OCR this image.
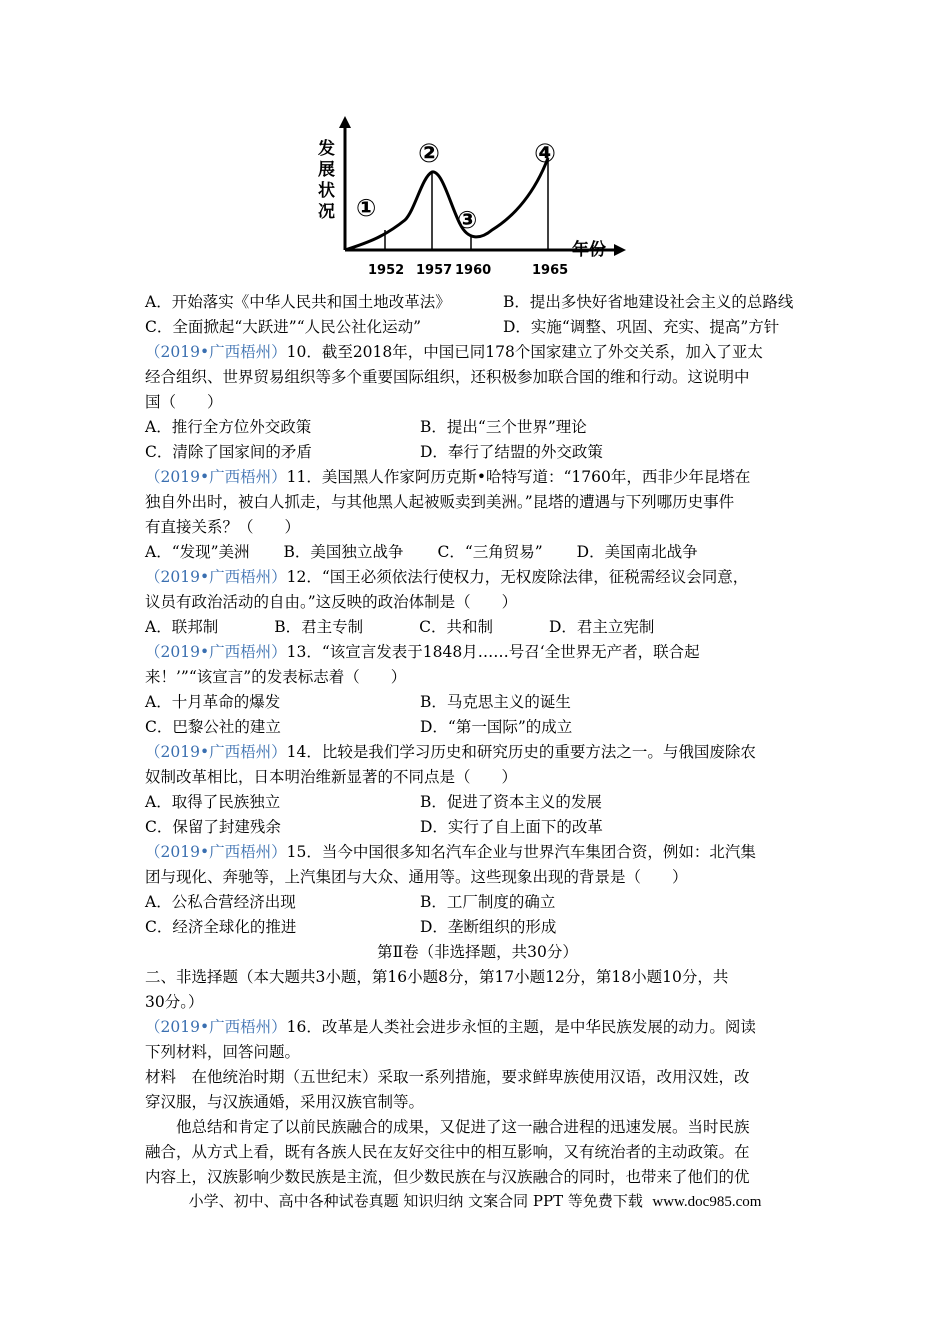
发
展
状
况
年份
①
②
③
④
1952 1957 1960	1965
A．开始落实《中华人民共和国土地改革法》	B．提出多快好省地建设社会主义的总路线
C．全面掀起“大跃进”“人民公社化运动”	D．实施“调整、巩固、充实、提高”方针
（2019•广西梧州）10．截至2018年，中国已同178个国家建立了外交关系，加入了亚太
经合组织、世界贸易组织等多个重要国际组织，还积极参加联合国的维和行动。这说明中
国（　　）
A．推行全方位外交政策	B．提出“三个世界”理论
C．清除了国家间的矛盾	D．奉行了结盟的外交政策
（2019•广西梧州）11．美国黑人作家阿历克斯•哈特写道：“1760年，西非少年昆塔在
独自外出时，被白人抓走，与其他黑人起被贩卖到美洲。”昆塔的遭遇与下列哪历史事件
有直接关系？（　　）
A．“发现”美洲 B．美国独立战争 C．“三角贸易” D．美国南北战争
（2019•广西梧州）12．“国王必须依法行使权力，无权废除法律，征税需经议会同意，
议员有政治活动的自由。”这反映的政治体制是（　　）
A．联邦制	B．君主专制	C．共和制	D．君主立宪制
（2019•广西梧州）13．“该宣言发表于1848月……号召‘全世界无产者，联合起
来！’”“该宣言”的发表标志着（　　）
A．十月革命的爆发	B．马克思主义的诞生
C．巴黎公社的建立	D．“第一国际”的成立
（2019•广西梧州）14．比较是我们学习历史和研究历史的重要方法之一。与俄国废除农
奴制改革相比，日本明治维新显著的不同点是（　　）
A．取得了民族独立	B．促进了资本主义的发展
C．保留了封建残余	D．实行了自上面下的改革
（2019•广西梧州）15．当今中国很多知名汽车企业与世界汽车集团合资，例如：北汽集
团与现化、奔驰等，上汽集团与大众、通用等。这些现象出现的背景是（　　）
A．公私合营经济出现	B．工厂制度的确立
C．经济全球化的推进	D．垄断组织的形成
第Ⅱ卷（非选择题，共30分）
二、非选择题（本大题共3小题，第16小题8分，第17小题12分，第18小题10分，共
30分。）
（2019•广西梧州）16．改革是人类社会进步永恒的主题，是中华民族发展的动力。阅读
下列材料，回答问题。
材料　在他统治时期（五世纪末）采取一系列措施，要求鲜卑族使用汉语，改用汉姓，改
穿汉服，与汉族通婚，采用汉族官制等。
他总结和肯定了以前民族融合的成果，又促进了这一融合进程的迅速发展。当时民族
融合，从方式上看，既有各族人民在友好交往中的相互影响，又有统治者的主动政策。在
内容上，汉族影响少数民族是主流，但少数民族在与汉族融合的同时，也带来了他们的优
小学、初中、高中各种试卷真题 知识归纳 文案合同 PPT 等免费下载 www.doc985.com
